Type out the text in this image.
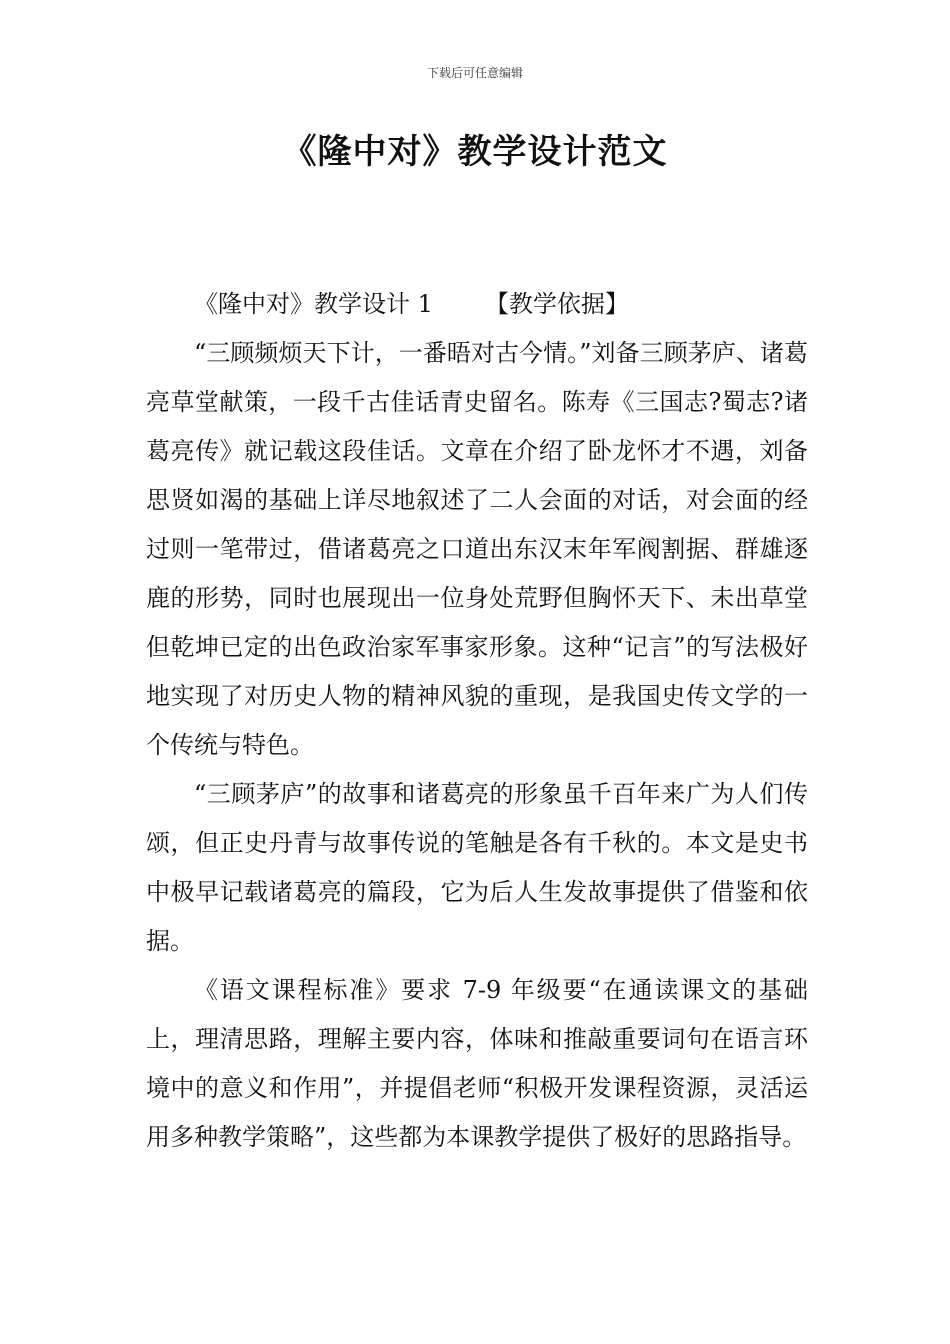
下载后可任意编辑
《隆中对》教学设计范文

《隆中对》教学设计 1 【教学依据】

“三顾频烦天下计，一番晤对古今情。”刘备三顾茅庐、诸葛亮草堂献策，一段千古佳话青史留名。陈寿《三国志?蜀志?诸葛亮传》就记载这段佳话。文章在介绍了卧龙怀才不遇，刘备思贤如渴的基础上详尽地叙述了二人会面的对话，对会面的经过则一笔带过，借诸葛亮之口道出东汉末年军阀割据、群雄逐鹿的形势，同时也展现出一位身处荒野但胸怀天下、未出草堂但乾坤已定的出色政治家军事家形象。这种“记言”的写法极好地实现了对历史人物的精神风貌的重现，是我国史传文学的一个传统与特色。

“三顾茅庐”的故事和诸葛亮的形象虽千百年来广为人们传颂，但正史丹青与故事传说的笔触是各有千秋的。本文是史书中极早记载诸葛亮的篇段，它为后人生发故事提供了借鉴和依据。

《语文课程标准》要求 7-9 年级要“在通读课文的基础上，理清思路，理解主要内容，体味和推敲重要词句在语言环境中的意义和作用”，并提倡老师“积极开发课程资源，灵活运用多种教学策略”，这些都为本课教学提供了极好的思路指导。
